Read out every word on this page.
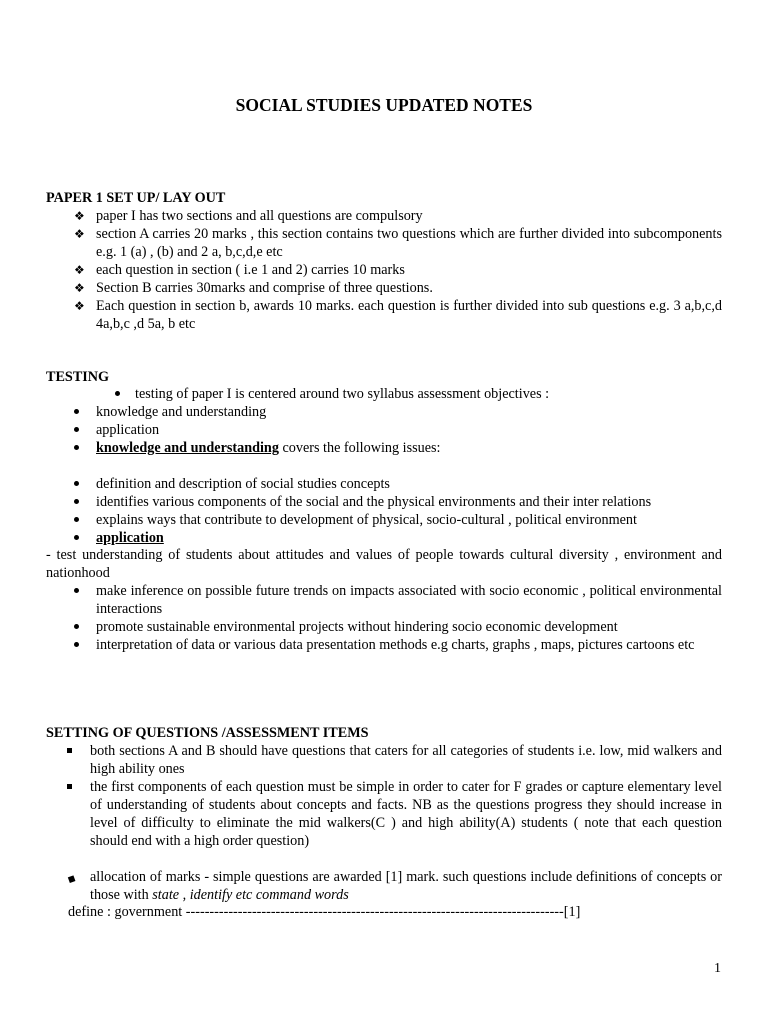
SOCIAL STUDIES UPDATED NOTES
PAPER 1 SET UP/ LAY OUT
❖ paper I has two sections and all questions are compulsory
❖ section A carries 20 marks , this section contains two questions which are further divided into subcomponents e.g. 1 (a) , (b) and 2 a, b,c,d,e etc
❖ each question in section ( i.e 1 and 2) carries 10 marks
❖ Section B carries 30marks and comprise of three questions.
❖ Each question in section b, awards 10 marks. each question is further divided into sub questions e.g. 3 a,b,c,d 4a,b,c ,d 5a, b etc
TESTING
testing of paper I is centered around two syllabus assessment objectives :
knowledge and understanding
application
knowledge and understanding covers the following issues:
definition and description of social studies concepts
identifies various components of the social and the physical environments and their inter relations
explains ways that contribute to development of physical, socio-cultural , political environment
application
- test understanding of students about attitudes and values of people towards cultural diversity , environment and nationhood
make inference on possible future trends on impacts associated with socio economic , political environmental interactions
promote sustainable environmental projects without hindering socio economic development
interpretation of data or various data presentation methods e.g charts, graphs , maps, pictures cartoons etc
SETTING OF QUESTIONS /ASSESSMENT ITEMS
both sections A and B should have questions that caters for all categories of students i.e. low, mid walkers and high ability ones
the first components of each question must be simple in order to cater for F grades or capture elementary level of understanding of students about concepts and facts. NB as the questions progress they should increase in level of difficulty to eliminate the mid walkers(C ) and high ability(A) students ( note that each question should end with a high order question)
▪ allocation of marks - simple questions are awarded [1] mark. such questions include definitions of concepts or those with state , identify etc command words
define : government --------------------------------------------------------------------------------[1]
1
